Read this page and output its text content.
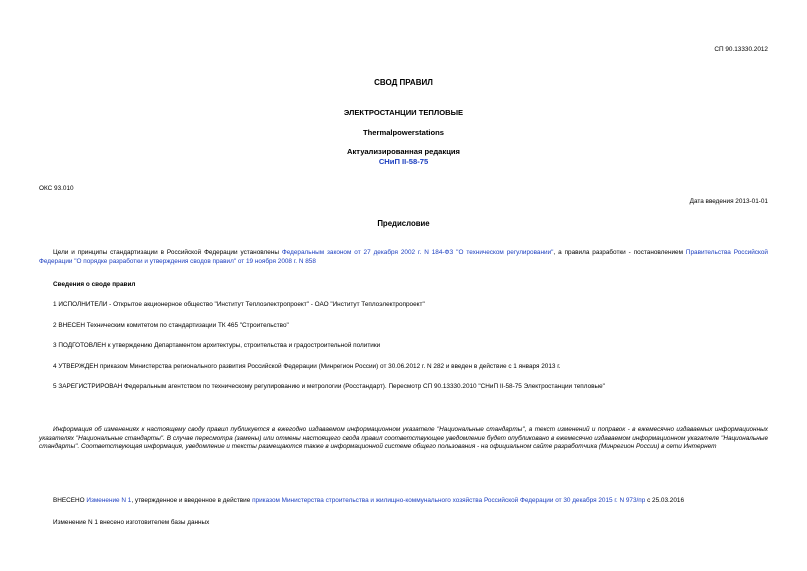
СП 90.13330.2012
СВОД ПРАВИЛ
ЭЛЕКТРОСТАНЦИИ ТЕПЛОВЫЕ
Thermalpowerstations
Актуализированная редакция
СНиП II-58-75
ОКС 93.010
Дата введения 2013-01-01
Предисловие
Цели и принципы стандартизации в Российской Федерации установлены Федеральным законом от 27 декабря 2002 г. N 184-ФЗ "О техническом регулировании", а правила разработки - постановлением Правительства Российской Федерации "О порядке разработки и утверждения сводов правил" от 19 ноября 2008 г. N 858
Сведения о своде правил
1 ИСПОЛНИТЕЛИ - Открытое акционерное общество "Институт Теплоэлектропроект" - ОАО "Институт Теплоэлектропроект"
2 ВНЕСЕН Техническим комитетом по стандартизации ТК 465 "Строительство"
3 ПОДГОТОВЛЕН к утверждению Департаментом архитектуры, строительства и градостроительной политики
4 УТВЕРЖДЕН приказом Министерства регионального развития Российской Федерации (Минрегион России) от 30.06.2012 г. N 282 и введен в действие с 1 января 2013 г.
5 ЗАРЕГИСТРИРОВАН Федеральным агентством по техническому регулированию и метрологии (Росстандарт). Пересмотр СП 90.13330.2010 "СНиП II-58-75 Электростанции тепловые"
Информация об изменениях к настоящему своду правил публикуется в ежегодно издаваемом информационном указателе "Национальные стандарты", а текст изменений и поправок - в ежемесячно издаваемых информационных указателях "Национальные стандарты". В случае пересмотра (замены) или отмены настоящего свода правил соответствующее уведомление будет опубликовано в ежемесячно издаваемом информационном указателе "Национальные стандарты". Соответствующая информация, уведомление и тексты размещаются также в информационной системе общего пользования - на официальном сайте разработчика (Минрегион России) в сети Интернет
ВНЕСЕНО Изменение N 1, утвержденное и введенное в действие приказом Министерства строительства и жилищно-коммунального хозяйства Российской Федерации от 30 декабря 2015 г. N 973/пр с 25.03.2016
Изменение N 1 внесено изготовителем базы данных
